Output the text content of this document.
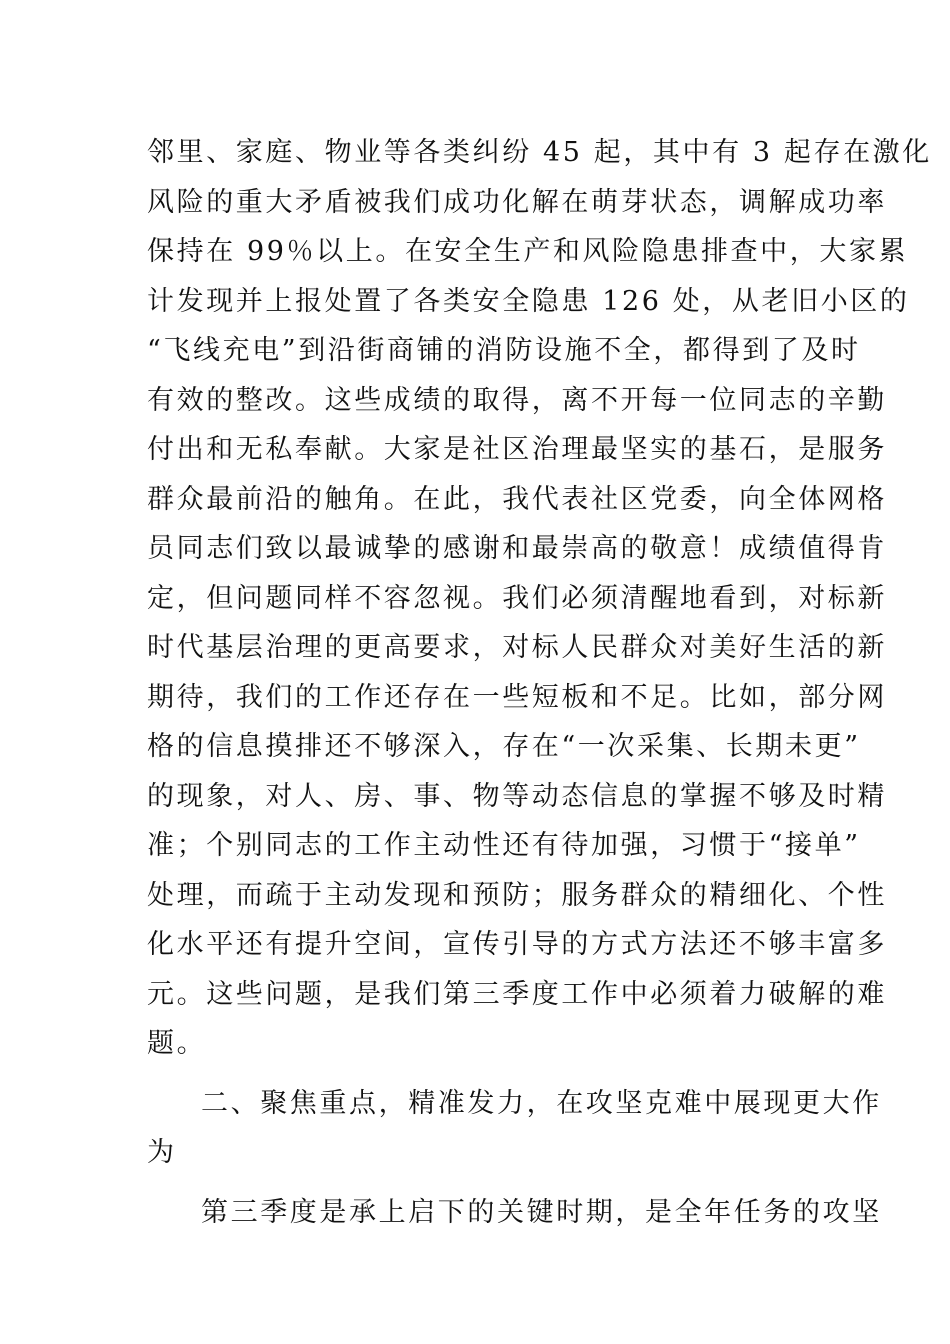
邻里、家庭、物业等各类纠纷 45 起，其中有 3 起存在激化
风险的重大矛盾被我们成功化解在萌芽状态，调解成功率
保持在 99％以上。在安全生产和风险隐患排查中，大家累
计发现并上报处置了各类安全隐患 126 处，从老旧小区的
“飞线充电”到沿街商铺的消防设施不全，都得到了及时
有效的整改。这些成绩的取得，离不开每一位同志的辛勤
付出和无私奉献。大家是社区治理最坚实的基石，是服务
群众最前沿的触角。在此，我代表社区党委，向全体网格
员同志们致以最诚挚的感谢和最崇高的敬意！成绩值得肯
定，但问题同样不容忽视。我们必须清醒地看到，对标新
时代基层治理的更高要求，对标人民群众对美好生活的新
期待，我们的工作还存在一些短板和不足。比如，部分网
格的信息摸排还不够深入，存在“一次采集、长期未更”
的现象，对人、房、事、物等动态信息的掌握不够及时精
准；个别同志的工作主动性还有待加强，习惯于“接单”
处理，而疏于主动发现和预防；服务群众的精细化、个性
化水平还有提升空间，宣传引导的方式方法还不够丰富多
元。这些问题，是我们第三季度工作中必须着力破解的难
题。
二、聚焦重点，精准发力，在攻坚克难中展现更大作
为
第三季度是承上启下的关键时期，是全年任务的攻坚
